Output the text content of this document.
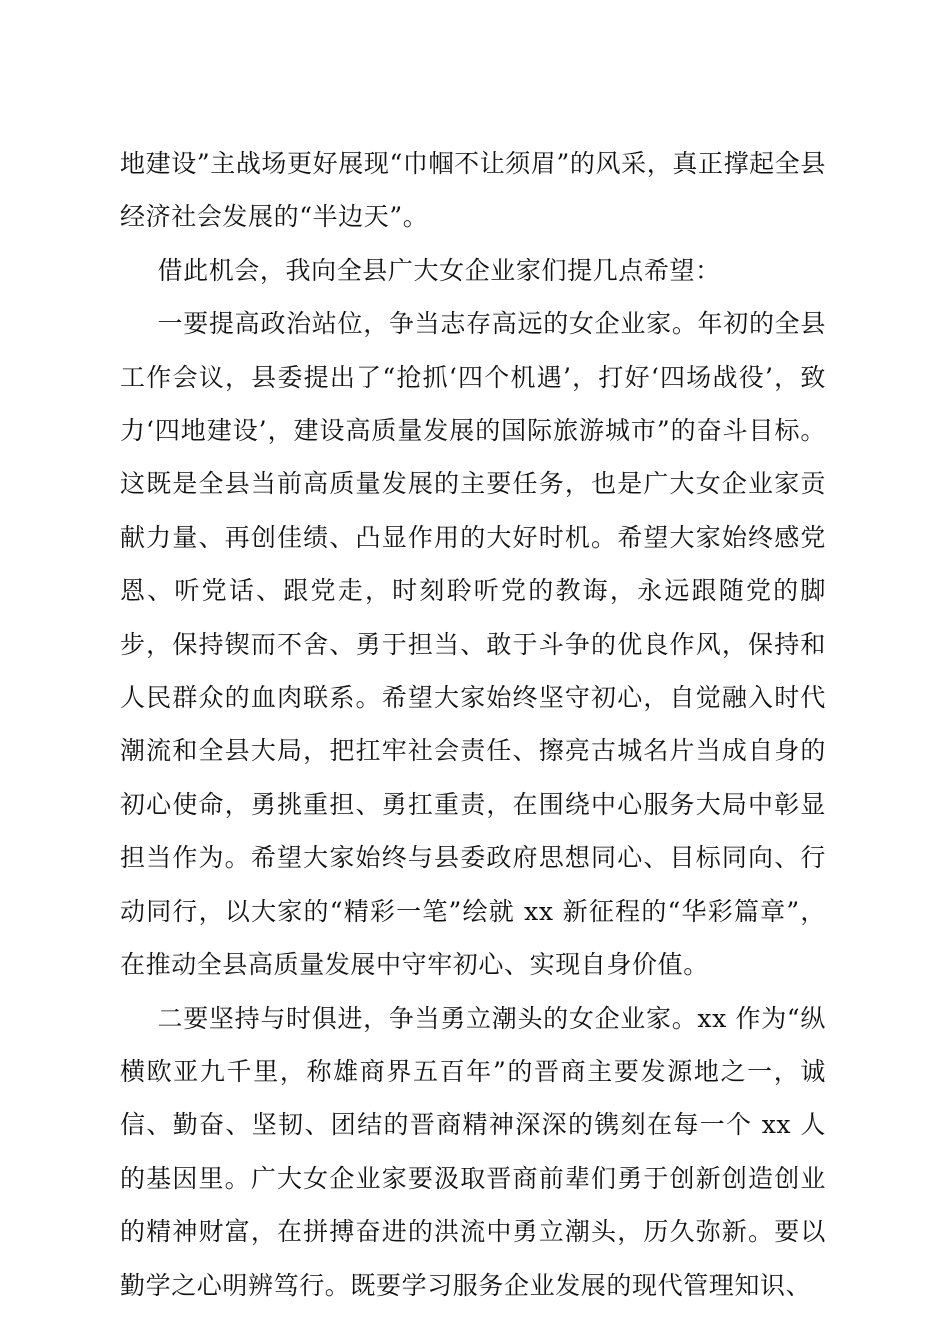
地建设”主战场更好展现“巾帼不让须眉”的风采，真正撑起全县经济社会发展的“半边天”。

借此机会，我向全县广大女企业家们提几点希望：

一要提高政治站位，争当志存高远的女企业家。年初的全县工作会议，县委提出了“抢抓‘四个机遇’，打好‘四场战役’，致力‘四地建设’，建设高质量发展的国际旅游城市”的奋斗目标。这既是全县当前高质量发展的主要任务，也是广大女企业家贡献力量、再创佳绩、凸显作用的大好时机。希望大家始终感党恩、听党话、跟党走，时刻聆听党的教诲，永远跟随党的脚步，保持锲而不舍、勇于担当、敢于斗争的优良作风，保持和人民群众的血肉联系。希望大家始终坚守初心，自觉融入时代潮流和全县大局，把扛牢社会责任、擦亮古城名片当成自身的初心使命，勇挑重担、勇扛重责，在围绕中心服务大局中彰显担当作为。希望大家始终与县委政府思想同心、目标同向、行动同行，以大家的“精彩一笔”绘就 xx 新征程的“华彩篇章”，在推动全县高质量发展中守牢初心、实现自身价值。

二要坚持与时俱进，争当勇立潮头的女企业家。xx 作为“纵横欧亚九千里，称雄商界五百年”的晋商主要发源地之一，诚信、勤奋、坚韧、团结的晋商精神深深的镌刻在每一个 xx 人的基因里。广大女企业家要汲取晋商前辈们勇于创新创造创业的精神财富，在拼搏奋进的洪流中勇立潮头，历久弥新。要以勤学之心明辨笃行。既要学习服务企业发展的现代管理知识、
